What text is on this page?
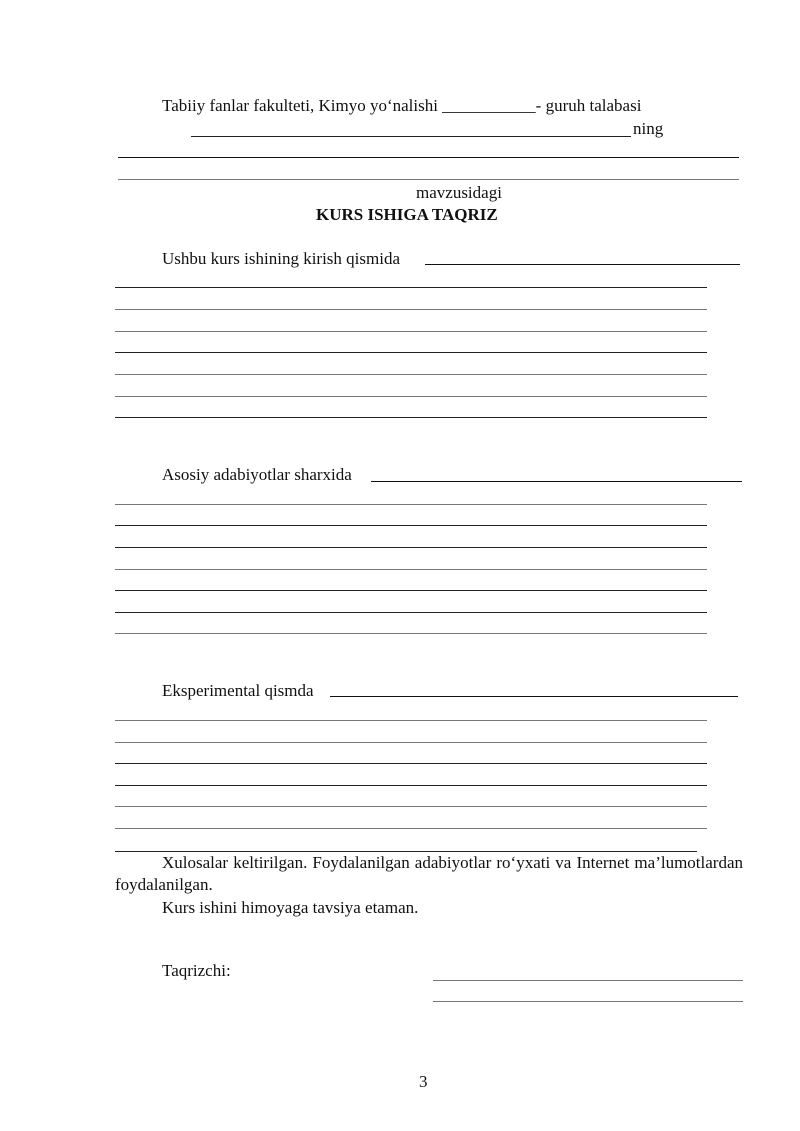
Tabiiy fanlar fakulteti, Kimyo yo‘nalishi ___________- guruh talabasi
ning
mavzusidagi
KURS ISHIGA TAQRIZ
Ushbu kurs ishining kirish qismida
Asosiy adabiyotlar sharxida
Eksperimental qismda
Xulosalar keltirilgan. Foydalanilgan adabiyotlar ro‘yxati va Internet ma’lumotlardan foydalanilgan.
Kurs ishini himoyaga tavsiya etaman.
Taqrizchi:
3
